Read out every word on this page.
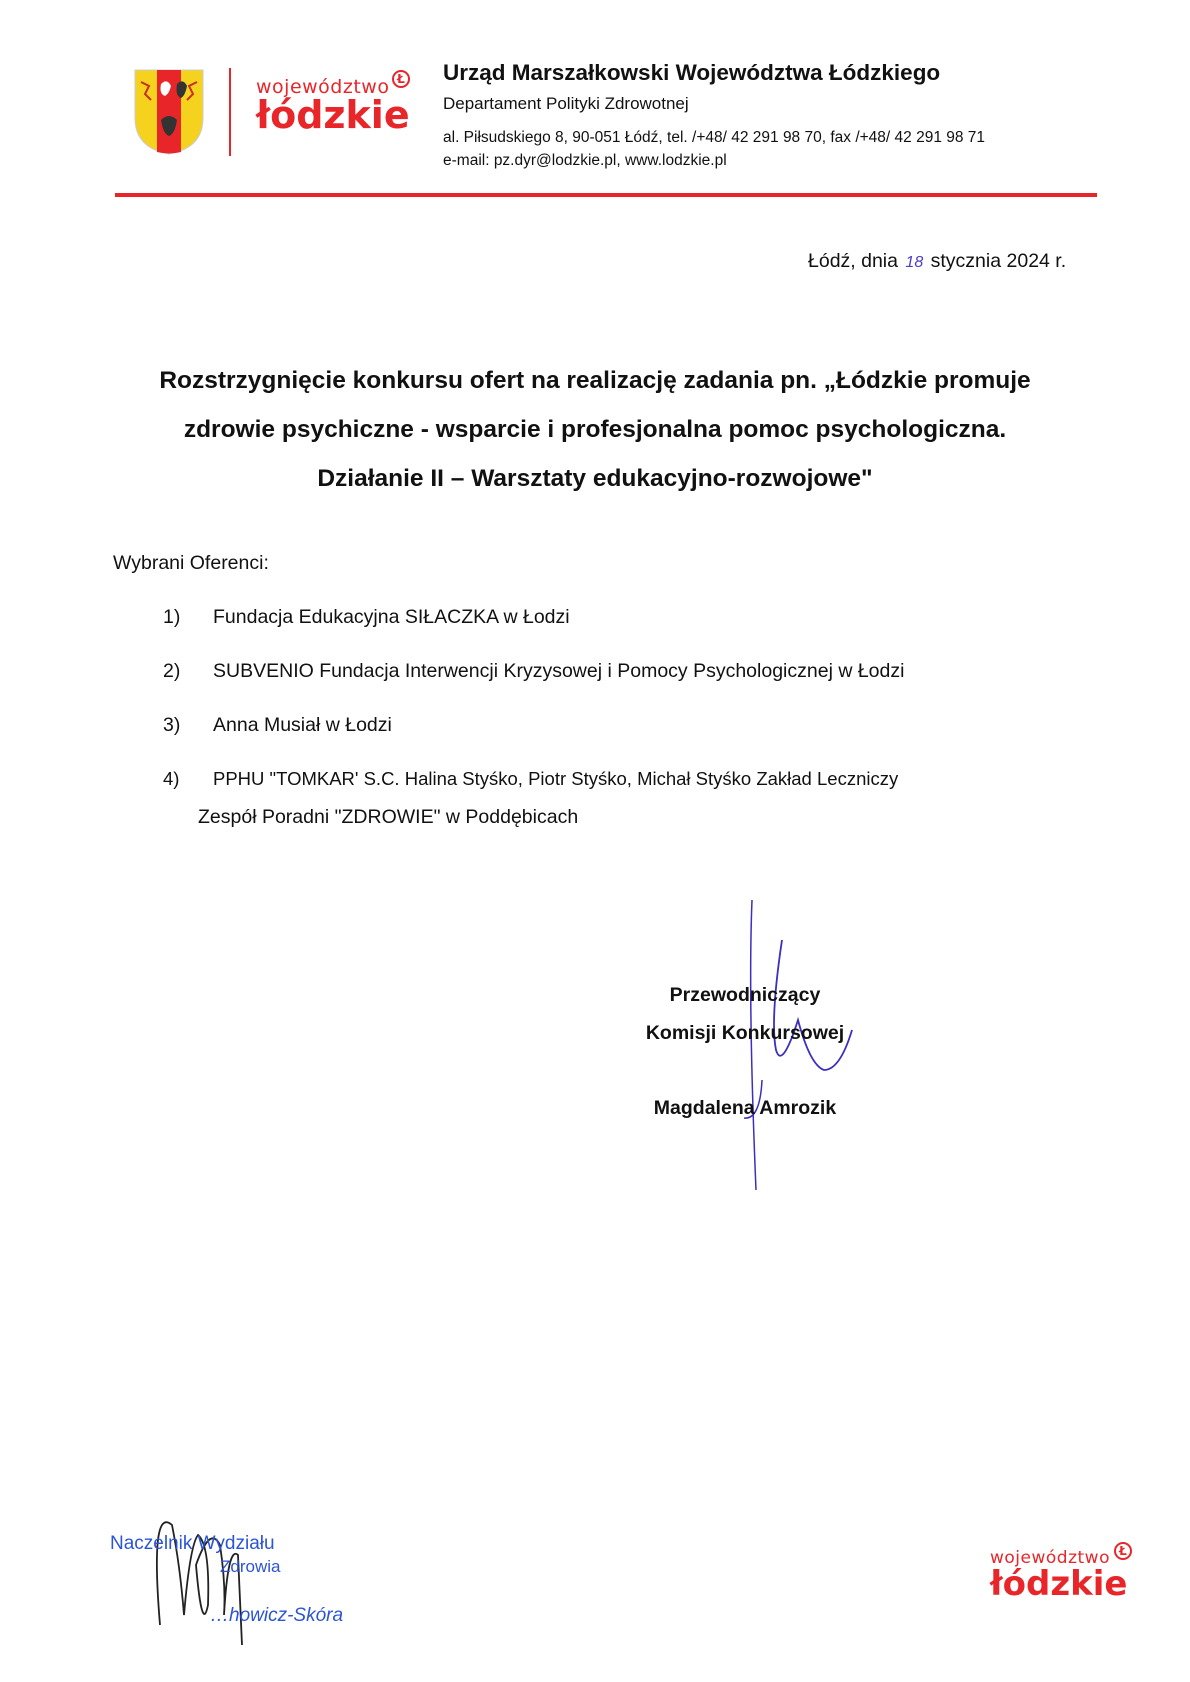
województwo
łódzkie
Ł Urząd Marszałkowski Województwa Łódzkiego
Departament Polityki Zdrowotnej
al. Piłsudskiego 8, 90-051 Łódź, tel. /+48/ 42 291 98 70, fax /+48/ 42 291 98 71
e-mail: pz.dyr@lodzkie.pl, www.lodzkie.pl
Łódź, dnia 18 stycznia 2024 r.
Rozstrzygnięcie konkursu ofert na realizację zadania pn. „Łódzkie promuje zdrowie psychiczne - wsparcie i profesjonalna pomoc psychologiczna. Działanie II – Warsztaty edukacyjno-rozwojowe"
Wybrani Oferenci:
1) Fundacja Edukacyjna SIŁACZKA w Łodzi
2) SUBVENIO Fundacja Interwencji Kryzysowej i Pomocy Psychologicznej w Łodzi
3) Anna Musiał w Łodzi
4) PPHU "TOMKAR' S.C. Halina Styśko, Piotr Styśko, Michał Styśko Zakład Leczniczy
Zespół Poradni "ZDROWIE" w Poddębicach
Przewodniczący
Komisji Konkursowej
Magdalena Amrozik
Naczelnik Wydziału
Zdrowia
…howicz-Skóra
województwo
łódzkie
Ł
